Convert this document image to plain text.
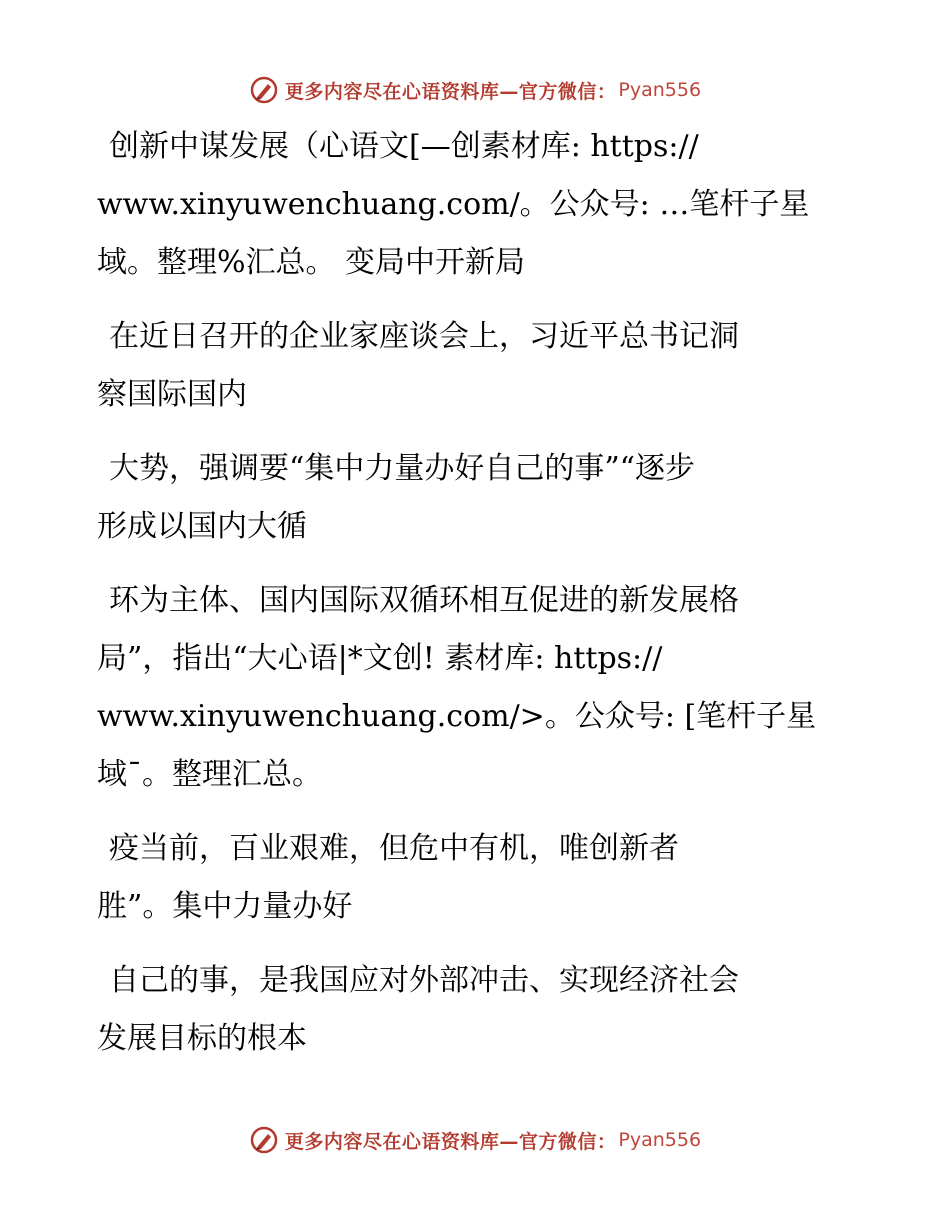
更多内容尽在心语资料库—官方微信： Pyan556

创新中谋发展（心语文[—创素材库: https://
www.xinyuwenchuang.com/。公众号: …笔杆子星
域。整理%汇总。 变局中开新局

在近日召开的企业家座谈会上，习近平总书记洞
察国际国内

大势，强调要“集中力量办好自己的事”“逐步
形成以国内大循

环为主体、国内国际双循环相互促进的新发展格
局”，指出“大心语|*文创! 素材库: https://
www.xinyuwenchuang.com/>。公众号: [笔杆子星
域¯。整理汇总。

疫当前，百业艰难，但危中有机，唯创新者
胜”。集中力量办好

自己的事，是我国应对外部冲击、实现经济社会
发展目标的根本

更多内容尽在心语资料库—官方微信： Pyan556
